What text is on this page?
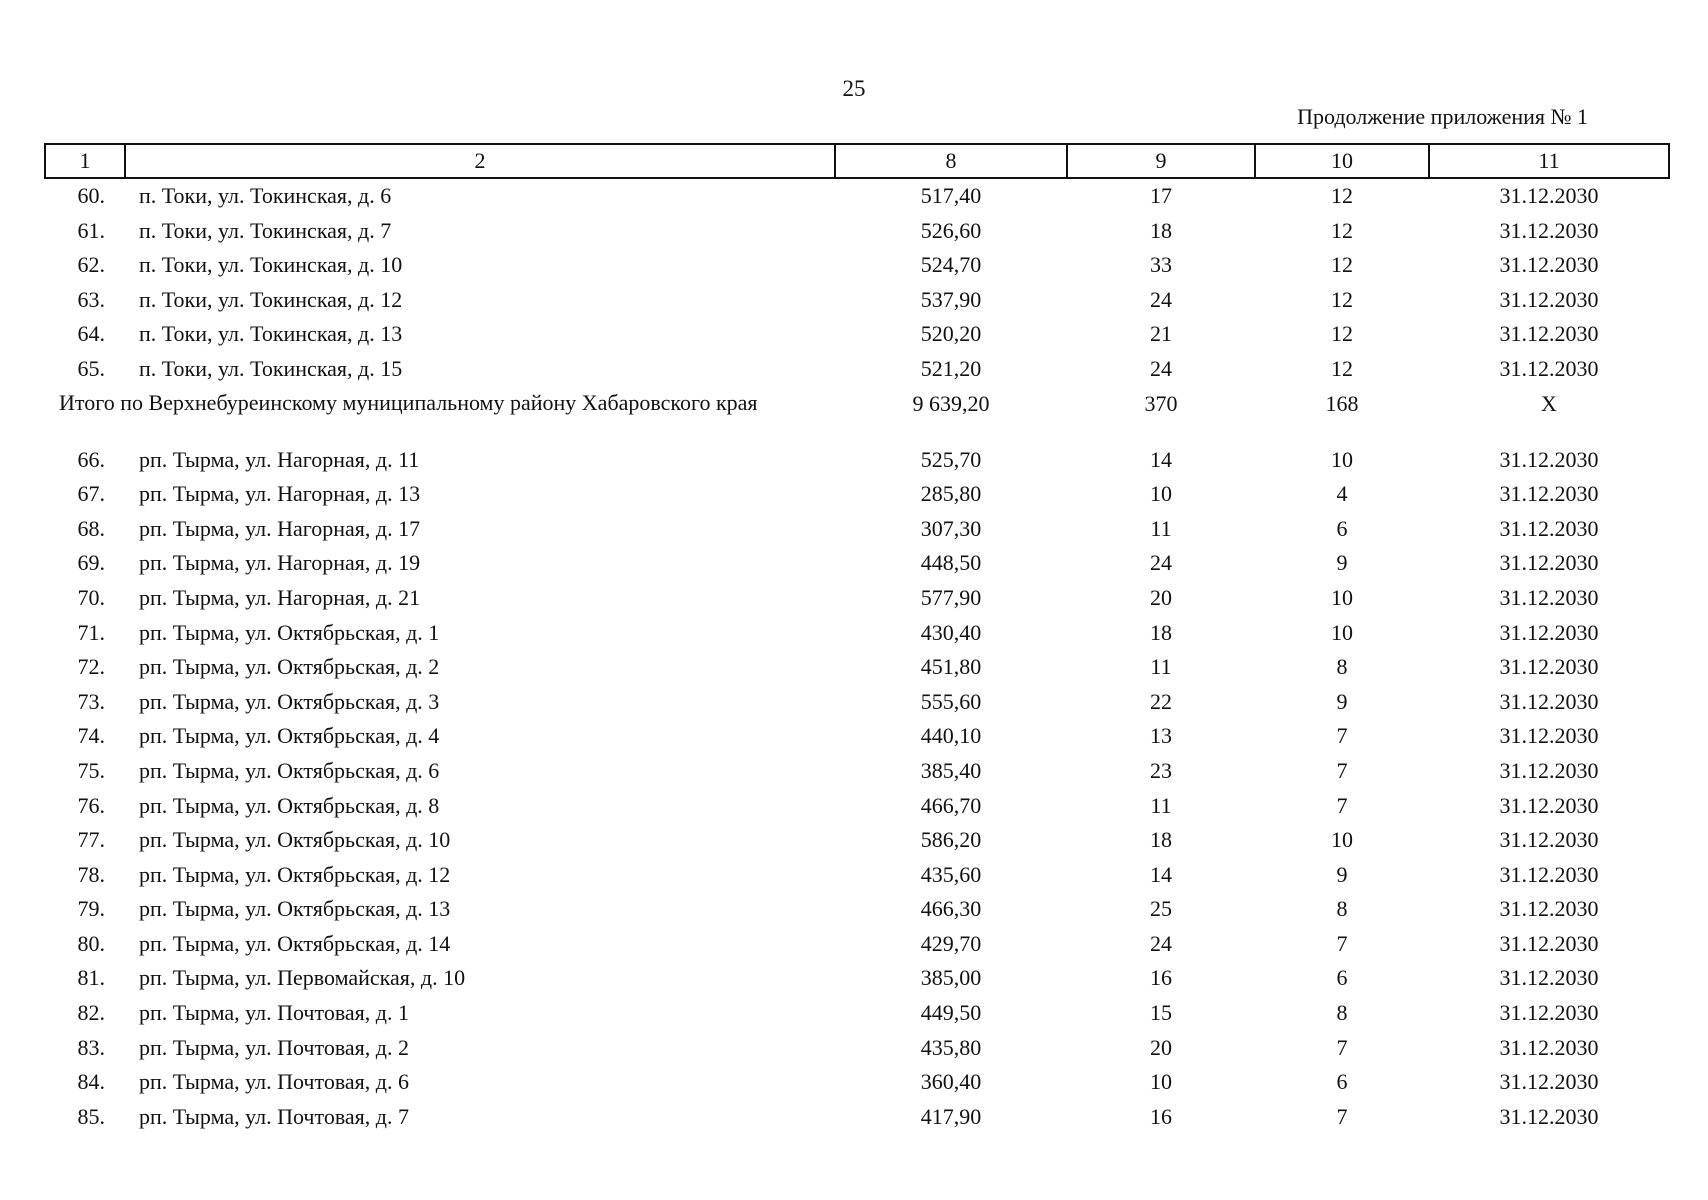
25
Продолжение приложения № 1
1	2	8	9	10	11
60.	п. Токи, ул. Токинская, д. 6	517,40	17	12	31.12.2030
61.	п. Токи, ул. Токинская, д. 7	526,60	18	12	31.12.2030
62.	п. Токи, ул. Токинская, д. 10	524,70	33	12	31.12.2030
63.	п. Токи, ул. Токинская, д. 12	537,90	24	12	31.12.2030
64.	п. Токи, ул. Токинская, д. 13	520,20	21	12	31.12.2030
65.	п. Токи, ул. Токинская, д. 15	521,20	24	12	31.12.2030
Итого по Верхнебуреинскому муниципальному району Хабаровского края		9 639,20	370	168	Х
66.	рп. Тырма, ул. Нагорная, д. 11	525,70	14	10	31.12.2030
67.	рп. Тырма, ул. Нагорная, д. 13	285,80	10	4	31.12.2030
68.	рп. Тырма, ул. Нагорная, д. 17	307,30	11	6	31.12.2030
69.	рп. Тырма, ул. Нагорная, д. 19	448,50	24	9	31.12.2030
70.	рп. Тырма, ул. Нагорная, д. 21	577,90	20	10	31.12.2030
71.	рп. Тырма, ул. Октябрьская, д. 1	430,40	18	10	31.12.2030
72.	рп. Тырма, ул. Октябрьская, д. 2	451,80	11	8	31.12.2030
73.	рп. Тырма, ул. Октябрьская, д. 3	555,60	22	9	31.12.2030
74.	рп. Тырма, ул. Октябрьская, д. 4	440,10	13	7	31.12.2030
75.	рп. Тырма, ул. Октябрьская, д. 6	385,40	23	7	31.12.2030
76.	рп. Тырма, ул. Октябрьская, д. 8	466,70	11	7	31.12.2030
77.	рп. Тырма, ул. Октябрьская, д. 10	586,20	18	10	31.12.2030
78.	рп. Тырма, ул. Октябрьская, д. 12	435,60	14	9	31.12.2030
79.	рп. Тырма, ул. Октябрьская, д. 13	466,30	25	8	31.12.2030
80.	рп. Тырма, ул. Октябрьская, д. 14	429,70	24	7	31.12.2030
81.	рп. Тырма, ул. Первомайская, д. 10	385,00	16	6	31.12.2030
82.	рп. Тырма, ул. Почтовая, д. 1	449,50	15	8	31.12.2030
83.	рп. Тырма, ул. Почтовая, д. 2	435,80	20	7	31.12.2030
84.	рп. Тырма, ул. Почтовая, д. 6	360,40	10	6	31.12.2030
85.	рп. Тырма, ул. Почтовая, д. 7	417,90	16	7	31.12.2030
